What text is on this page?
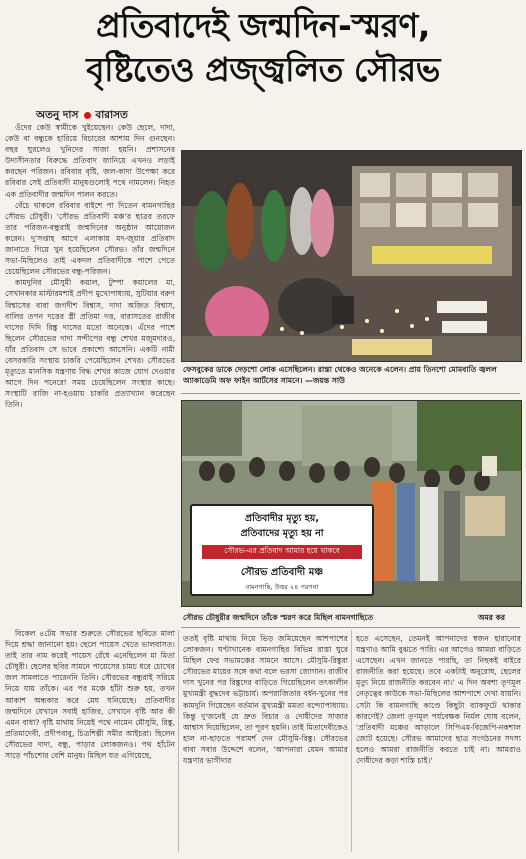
প্রতিবাদেই জন্মদিন-স্মরণ,
বৃষ্টিতেও প্রজ্জ্বলিত সৌরভ
অতনু দাস বারাসত

ওঁদের কেউ স্বামীকে খুইয়েছেন। কেউ ছেলে, দাদা, কেউ বা বন্ধুকে হারিয়ে বিচারের আশায় দিন গুনছেন। বছর ঘুরলেও খুনিদের সাজা হয়নি। প্রশাসনের উদাসীনতার বিরুদ্ধে প্রতিবাদ জানিয়ে এখনও লড়াই করছেন পরিজন। রবিবার বৃষ্টি, জল-কাদা উপেক্ষা করে রবিবার সেই প্রতিবাদী মানুষগুলোই পথে নামলেন। নিহত এক প্রতিবাদীর জন্মদিন পালন করতে।

বেঁচে থাকলে রবিবার বাইশে পা দিতেন বামনগাছির সৌরভ চৌধুরী। 'সৌরভ প্রতিবাদী মঞ্চ'র ছাত্রর তরফে তার পরিজন-বন্ধুরাই জন্মদিনের অনুষ্ঠান আয়োজন করেন। দু'সপ্তাহ আগে এলাকায় মদ-জুয়ার প্রতিবাদ জানাতে গিয়ে খুন হয়েছিলেন সৌরভ। তাঁর জন্মদিনে সভা-মিছিলেও তাই একদল প্রতিবাদীকে পাশে পেতে চেয়েছিলেন সৌরভের বন্ধু-পরিজন।

কামদুনির মৌসুমী কয়াল, টুম্পা কয়ালের মা, সেখানকার মাস্টারমশাই প্রদীপ মুখোপাধ্যায়, সুটিয়ার বরুণ বিশ্বাসের বাবা জগদীশ বিশ্বাস, দাদা অজিত বিশ্বাস, বালির তপন দত্তের স্ত্রী প্রতিমা দত্ত, বারাসতের রাজীব দাসের দিদি রিঙ্কু দাসের মতো অনেকে। এঁদের পাশে ছিলেন সৌরভের দাদা সন্দীপের বন্ধু শেখর মজুমদারও, যাঁর প্রতিবাদ সে ভাবে প্রকাশ্যে আসেনি। একটি নামী বেসরকারি সংস্থায় চাকরি পেয়েছিলেন শেখর। সৌরভের মৃত্যুতে মানসিক যন্ত্রণায় বিদ্ধ শেখর কাজে যোগ দেওয়ার আগে দিন পনেরো সময় চেয়েছিলেন সংস্থার কাছে। সংস্থাটি রাজি না-হওয়ায় চাকরি প্রত্যাখ্যান করেছেন তিনি।

ফেসবুকের ডাকে দেড়শো লোক এসেছিলেন। রাস্তা থেকেও অনেকে এলেন। প্রায় তিনশো মোমবাতি জ্বলল অ্যাকাডেমি অফ ফাইন আর্টসের সামনে। —জয়ন্ত সাউ
প্রতিবাদীর মৃত্যু হয়,
প্রতিবাদের মৃত্যু হয় না
সৌরভ-এর প্রতিবাদ আমার হয়ে থাকবে
সৌরভ প্রতিবাদী মঞ্চ
বামনগাছি, উত্তর ২৪ পরগনা
সৌরভ চৌধুরীর জন্মদিনে তাঁকে স্মরণ করে মিছিল বামনগাছিতে	অমর কর

বিকেল ৪টেয় সভার শুরুতে সৌরভের ছবিতে মালা দিয়ে শ্রদ্ধা জানানো হয়। ছেলে পায়েস খেতে ভালবাসত। তাই তার নাম করেই পায়েস রেঁধে এনেছিলেন মা মিতা চৌধুরী। ছেলের ছবির সামনে পায়েসের চামচ ধরে চোখের জল সামলাতে পারেননি তিনি। সৌরভের বন্ধুরাই সরিয়ে নিয়ে যায় তাঁকে। এর পর মঞ্চে হাঁটা শুরু হয়, তখন আকাশ অন্ধকার করে মেঘ ঘনিয়েছে। প্রতিবাদীর জন্মদিনে যেখানে সবাই হাজির, সেখানে বৃষ্টি আর কী এমন বাধা? বৃষ্টি মাথায় নিয়েই পথে নামেন মৌসুমি, রিঙ্কু, প্রতিমাদেবী, প্রদীপবাবু, চিত্রশিল্পী সমীর আইচরা। ছিলেন সৌরভের দাদা, বন্ধু, পাড়ার লোকজনও। পথ হাঁটেন সাড়ে পাঁচশোর বেশি মানুষ। মিছিল যত এগিয়েছে,

ততই বৃষ্টি মাথায় নিয়ে ভিড় জমিয়েছেন আশপাশের লোকজন। ঘণ্টাখানেক বামনগাছির বিভিন্ন রাস্তা ঘুরে মিছিল ফের সভামঞ্চের সামনে আসে। মৌসুমি-রিঙ্কুরা সৌরভের মায়ের সঙ্গে কথা বলে ভরসা জোগান। রাজীব দাস খুনের পর রিঙ্কুদের বাড়িতে গিয়েছিলেন তৎকালীন মুখ্যমন্ত্রী বুদ্ধদেব ভট্টাচার্য। অপরাজিতার বর্ধন-খুনের পর কামদুনি গিয়েছেন বর্তমান মুখ্যমন্ত্রী মমতা বন্দ্যোপাধ্যায়। কিন্তু দু'জনেই যে দ্রুত বিচার ও দোষীদের সাজার আশ্বাস দিয়েছিলেন, তা পূরণ হয়নি। তাই মিতাদেবীকেও হাল না-ছাড়তে পরামর্শ দেন মৌসুমি-রিঙ্কু। সৌরভের বাবা সবার উদ্দেশে বলেন, 'আপনারা যেমন আমার যন্ত্রণার ভাগীদার

হতে এসেছেন, তেমনই আপনাদের স্বজন হারানোর যন্ত্রণাও আমি বুঝতে পারি। এর আগেও আমরা বাড়িতে এসেছেন। এখন জানতে পারছি, তা নিছকই বাইরে রাজনীতি করা হয়েছে। তবে একটাই অনুরোধ, ছেলের মৃত্যু নিয়ে রাজনীতি করবেন না।' এ দিন অবশ্য তৃণমূল নেতৃত্বের কাউকে সভা-মিছিলের আশপাশে দেখা যায়নি। সেটা কি বামনগাছি কাণ্ডে কিছুটা ব্যাকফুটে থাকার কারণেই? জেলা তৃণমূল পর্যবেক্ষক নির্মল ঘোষ বলেন, 'প্রতিবাদী মঞ্চের আড়ালে সিপিএম-বিজেপি-নকশাল জোট হয়েছে। সৌরভ আমাদের ছাত্র সংগঠনের সদস্য হলেও আমরা রাজনীতি করতে চাই না। আমরাও দোষীদের কড়া শাস্তি চাই।'
